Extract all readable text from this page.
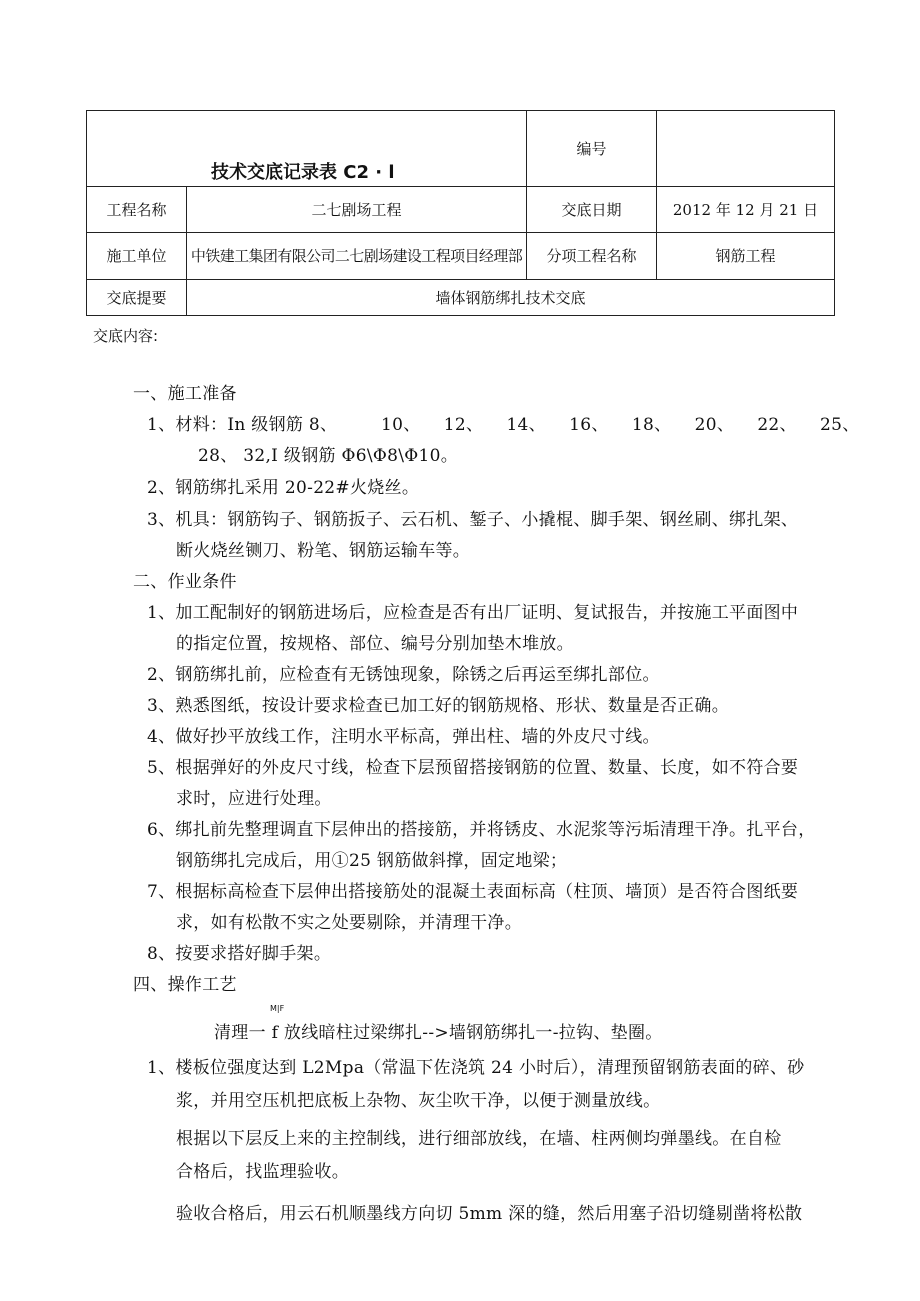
技术交底记录表 C2 · l		编号	
工程名称	二七剧场工程	交底日期	2012 年 12 月 21 日
施工单位	中铁建工集团有限公司二七剧场建设工程项目经理部	分项工程名称	钢筋工程
交底提要	墙体钢筋绑扎技术交底		
交底内容:
一、施工准备
1、材料：In 级钢筋 8、	10、 12、 14、 16、 18、 20、 22、 25、
28、 32,I 级钢筋 Φ6\Φ8\Φ10。
2、钢筋绑扎采用 20-22#火烧丝。
3、机具：钢筋钩子、钢筋扳子、云石机、錾子、小撬棍、脚手架、钢丝刷、绑扎架、
断火烧丝铡刀、粉笔、钢筋运输车等。
二、作业条件
1、加工配制好的钢筋进场后，应检查是否有出厂证明、复试报告，并按施工平面图中
的指定位置，按规格、部位、编号分别加垫木堆放。
2、钢筋绑扎前，应检查有无锈蚀现象，除锈之后再运至绑扎部位。
3、熟悉图纸，按设计要求检查已加工好的钢筋规格、形状、数量是否正确。
4、做好抄平放线工作，注明水平标高，弹出柱、墙的外皮尺寸线。
5、根据弹好的外皮尺寸线，检查下层预留搭接钢筋的位置、数量、长度，如不符合要
求时，应进行处理。
6、绑扎前先整理调直下层伸出的搭接筋，并将锈皮、水泥浆等污垢清理干净。扎平台，
钢筋绑扎完成后，用①25 钢筋做斜撑，固定地梁；
7、根据标高检查下层伸出搭接筋处的混凝土表面标高（柱顶、墙顶）是否符合图纸要
求，如有松散不实之处要剔除，并清理干净。
8、按要求搭好脚手架。
四、操作工艺
M|F
清理一 f 放线暗柱过梁绑扎-->墙钢筋绑扎一-拉钩、垫圈。
1、楼板位强度达到 L2Mpa（常温下佐浇筑 24 小时后），清理预留钢筋表面的碎、砂
浆，并用空压机把底板上杂物、灰尘吹干净，以便于测量放线。
根据以下层反上来的主控制线，进行细部放线，在墙、柱两侧均弹墨线。在自检
合格后，找监理验收。
验收合格后，用云石机顺墨线方向切 5mm 深的缝，然后用塞子沿切缝剔凿将松散
